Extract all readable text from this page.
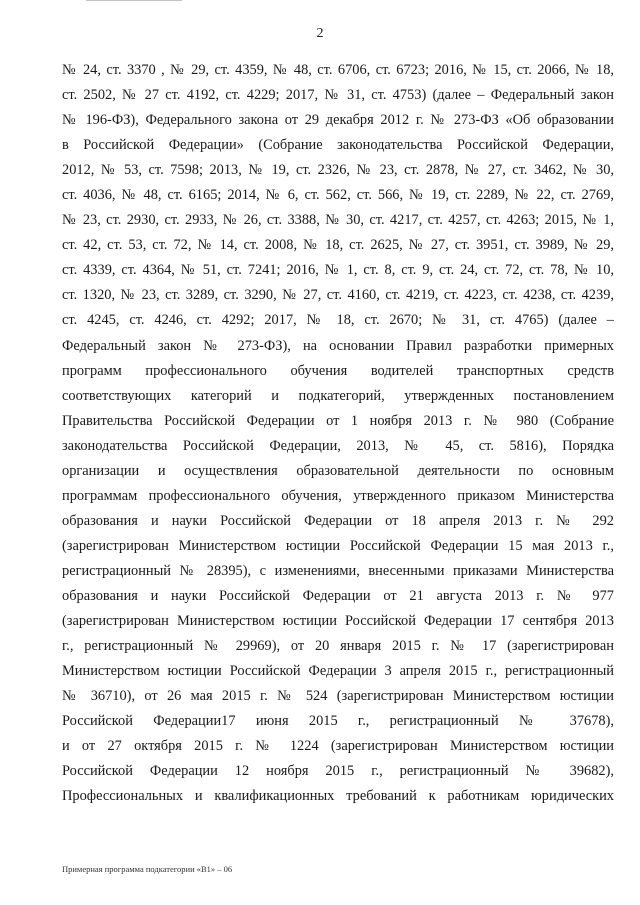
2
№ 24, ст. 3370 , № 29, ст. 4359, № 48, ст. 6706, ст. 6723; 2016, № 15, ст. 2066, № 18,
ст. 2502, № 27 ст. 4192, ст. 4229; 2017, № 31, ст. 4753) (далее – Федеральный закон
№ 196-ФЗ), Федерального закона от 29 декабря 2012 г. № 273-ФЗ «Об образовании
в Российской Федерации» (Собрание законодательства Российской Федерации,
2012, № 53, ст. 7598; 2013, № 19, ст. 2326, № 23, ст. 2878, № 27, ст. 3462, № 30,
ст. 4036, № 48, ст. 6165; 2014, № 6, ст. 562, ст. 566, № 19, ст. 2289, № 22, ст. 2769,
№ 23, ст. 2930, ст. 2933, № 26, ст. 3388, № 30, ст. 4217, ст. 4257, ст. 4263; 2015, № 1,
ст. 42, ст. 53, ст. 72, № 14, ст. 2008, № 18, ст. 2625, № 27, ст. 3951, ст. 3989, № 29,
ст. 4339, ст. 4364, № 51, ст. 7241; 2016, № 1, ст. 8, ст. 9, ст. 24, ст. 72, ст. 78, № 10,
ст. 1320, № 23, ст. 3289, ст. 3290, № 27, ст. 4160, ст. 4219, ст. 4223, ст. 4238, ст. 4239,
ст. 4245, ст. 4246, ст. 4292; 2017, № 18, ст. 2670; № 31, ст. 4765) (далее –
Федеральный закон № 273-ФЗ), на основании Правил разработки примерных
программ профессионального обучения водителей транспортных средств
соответствующих категорий и подкатегорий, утвержденных постановлением
Правительства Российской Федерации от 1 ноября 2013 г. № 980 (Собрание
законодательства Российской Федерации, 2013, № 45, ст. 5816), Порядка
организации и осуществления образовательной деятельности по основным
программам профессионального обучения, утвержденного приказом Министерства
образования и науки Российской Федерации от 18 апреля 2013 г. № 292
(зарегистрирован Министерством юстиции Российской Федерации 15 мая 2013 г.,
регистрационный № 28395), с изменениями, внесенными приказами Министерства
образования и науки Российской Федерации от 21 августа 2013 г. № 977
(зарегистрирован Министерством юстиции Российской Федерации 17 сентября 2013
г., регистрационный № 29969), от 20 января 2015 г. № 17 (зарегистрирован
Министерством юстиции Российской Федерации 3 апреля 2015 г., регистрационный
№ 36710), от 26 мая 2015 г. № 524 (зарегистрирован Министерством юстиции
Российской Федерации17 июня 2015 г., регистрационный № 37678),
и от 27 октября 2015 г. № 1224 (зарегистрирован Министерством юстиции
Российской Федерации 12 ноября 2015 г., регистрационный № 39682),
Профессиональных и квалификационных требований к работникам юридических
Примерная программа подкатегории «В1» – 06
